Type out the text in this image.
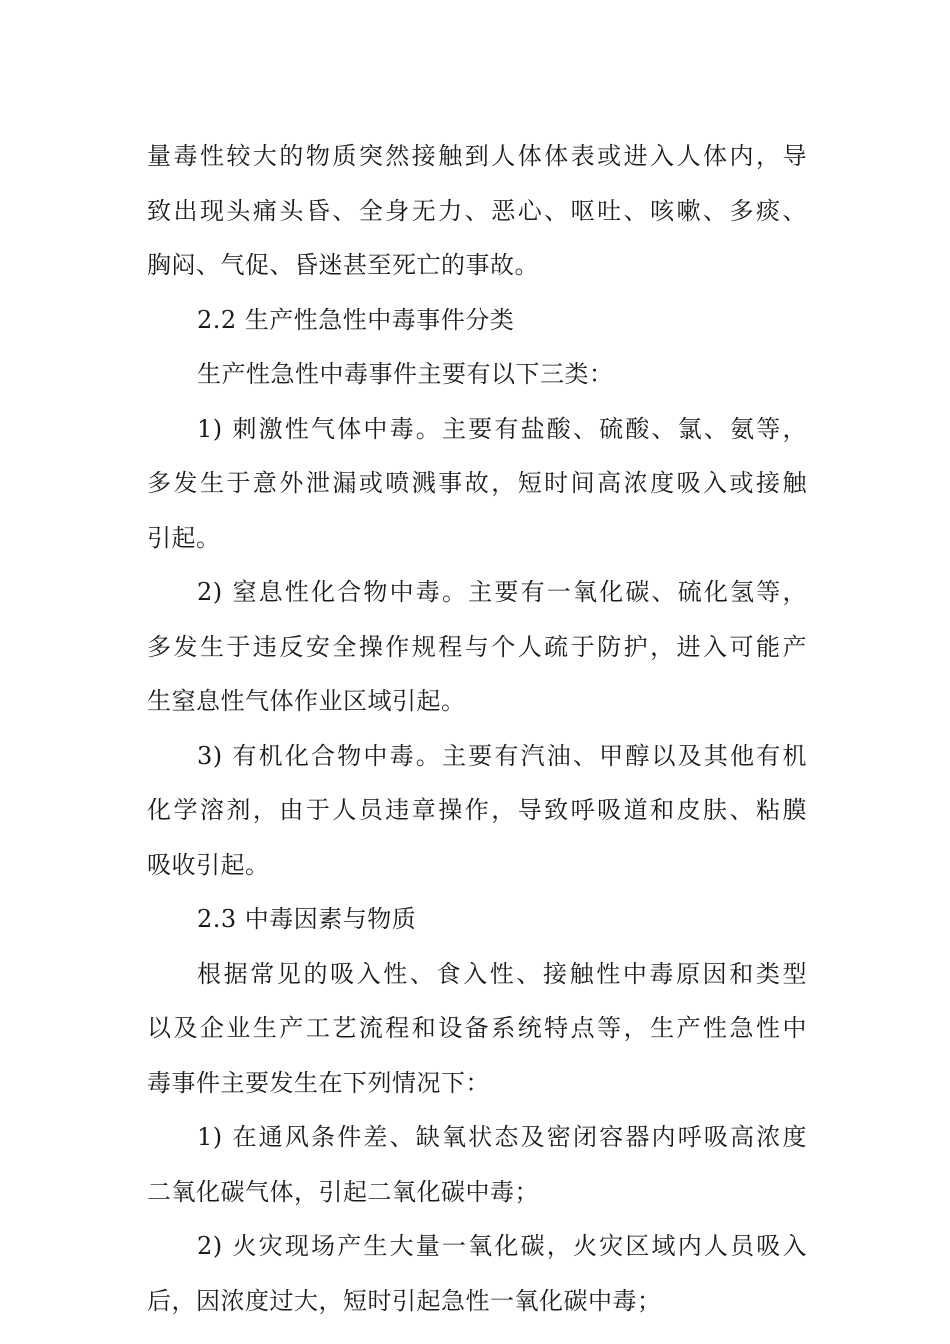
量毒性较大的物质突然接触到人体体表或进入人体内，导
致出现头痛头昏、全身无力、恶心、呕吐、咳嗽、多痰、
胸闷、气促、昏迷甚至死亡的事故。
2.2 生产性急性中毒事件分类
生产性急性中毒事件主要有以下三类：
1) 刺激性气体中毒。主要有盐酸、硫酸、氯、氨等，
多发生于意外泄漏或喷溅事故，短时间高浓度吸入或接触
引起。
2) 窒息性化合物中毒。主要有一氧化碳、硫化氢等，
多发生于违反安全操作规程与个人疏于防护，进入可能产
生窒息性气体作业区域引起。
3) 有机化合物中毒。主要有汽油、甲醇以及其他有机
化学溶剂，由于人员违章操作，导致呼吸道和皮肤、粘膜
吸收引起。
2.3 中毒因素与物质
根据常见的吸入性、食入性、接触性中毒原因和类型
以及企业生产工艺流程和设备系统特点等，生产性急性中
毒事件主要发生在下列情况下：
1) 在通风条件差、缺氧状态及密闭容器内呼吸高浓度
二氧化碳气体，引起二氧化碳中毒；
2) 火灾现场产生大量一氧化碳，火灾区域内人员吸入
后，因浓度过大，短时引起急性一氧化碳中毒；
